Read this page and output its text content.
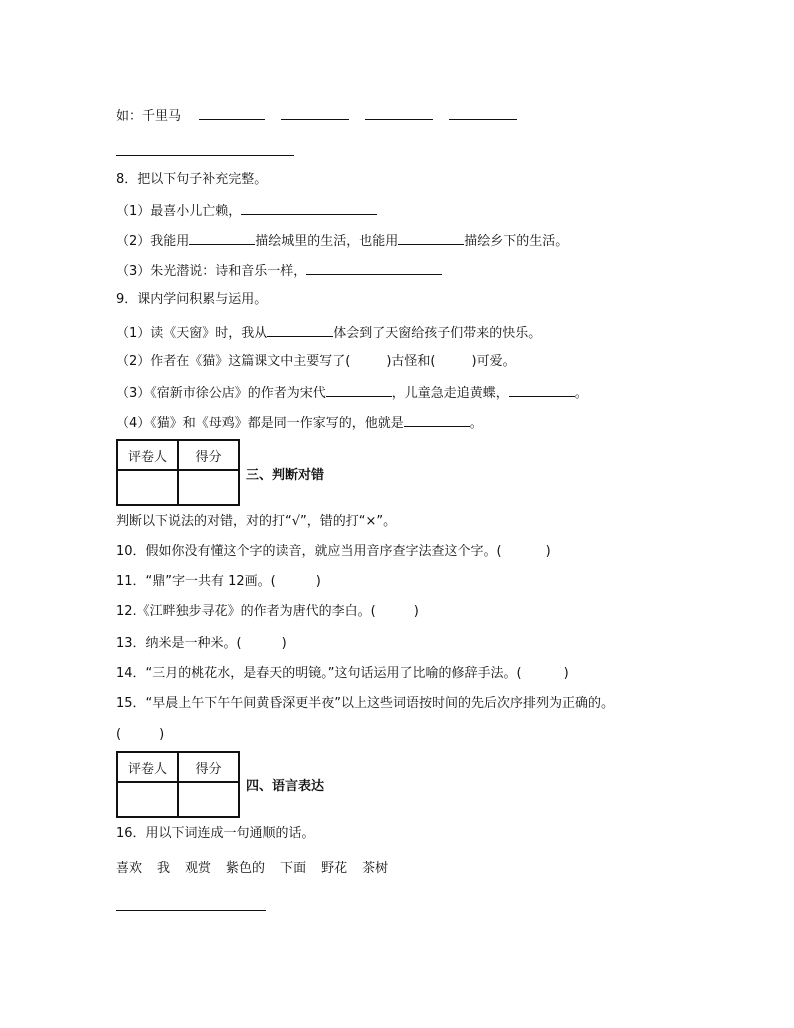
如：千里马
8．把以下句子补充完整。
（1）最喜小儿亡赖，
（2）我能用	描绘城里的生活，也能用	描绘乡下的生活。
（3）朱光潜说：诗和音乐一样，
9．课内学问积累与运用。
（1）读《天窗》时，我从	体会到了天窗给孩子们带来的快乐。
（2）作者在《猫》这篇课文中主要写了(	)古怪和(	)可爱。
（3）《宿新市徐公店》的作者为宋代	，儿童急走追黄蝶，	。
（4）《猫》和《母鸡》都是同一作家写的，他就是	。
评卷人	得分

三、判断对错
判断以下说法的对错，对的打“√”，错的打“×”。
10．假如你没有懂这个字的读音，就应当用音序查字法查这个字。(	)
11．“鼎”字一共有 12画。(	)
12.《江畔独步寻花》的作者为唐代的李白。(	)
13．纳米是一种米。(	)
14．“三月的桃花水，是春天的明镜。”这句话运用了比喻的修辞手法。(	)
15．“早晨上午下午午间黄昏深更半夜”以上这些词语按时间的先后次序排列为正确的。
(	)
评卷人	得分

四、语言表达
16．用以下词连成一句通顺的话。
喜欢 我 观赏 紫色的 下面 野花 茶树
